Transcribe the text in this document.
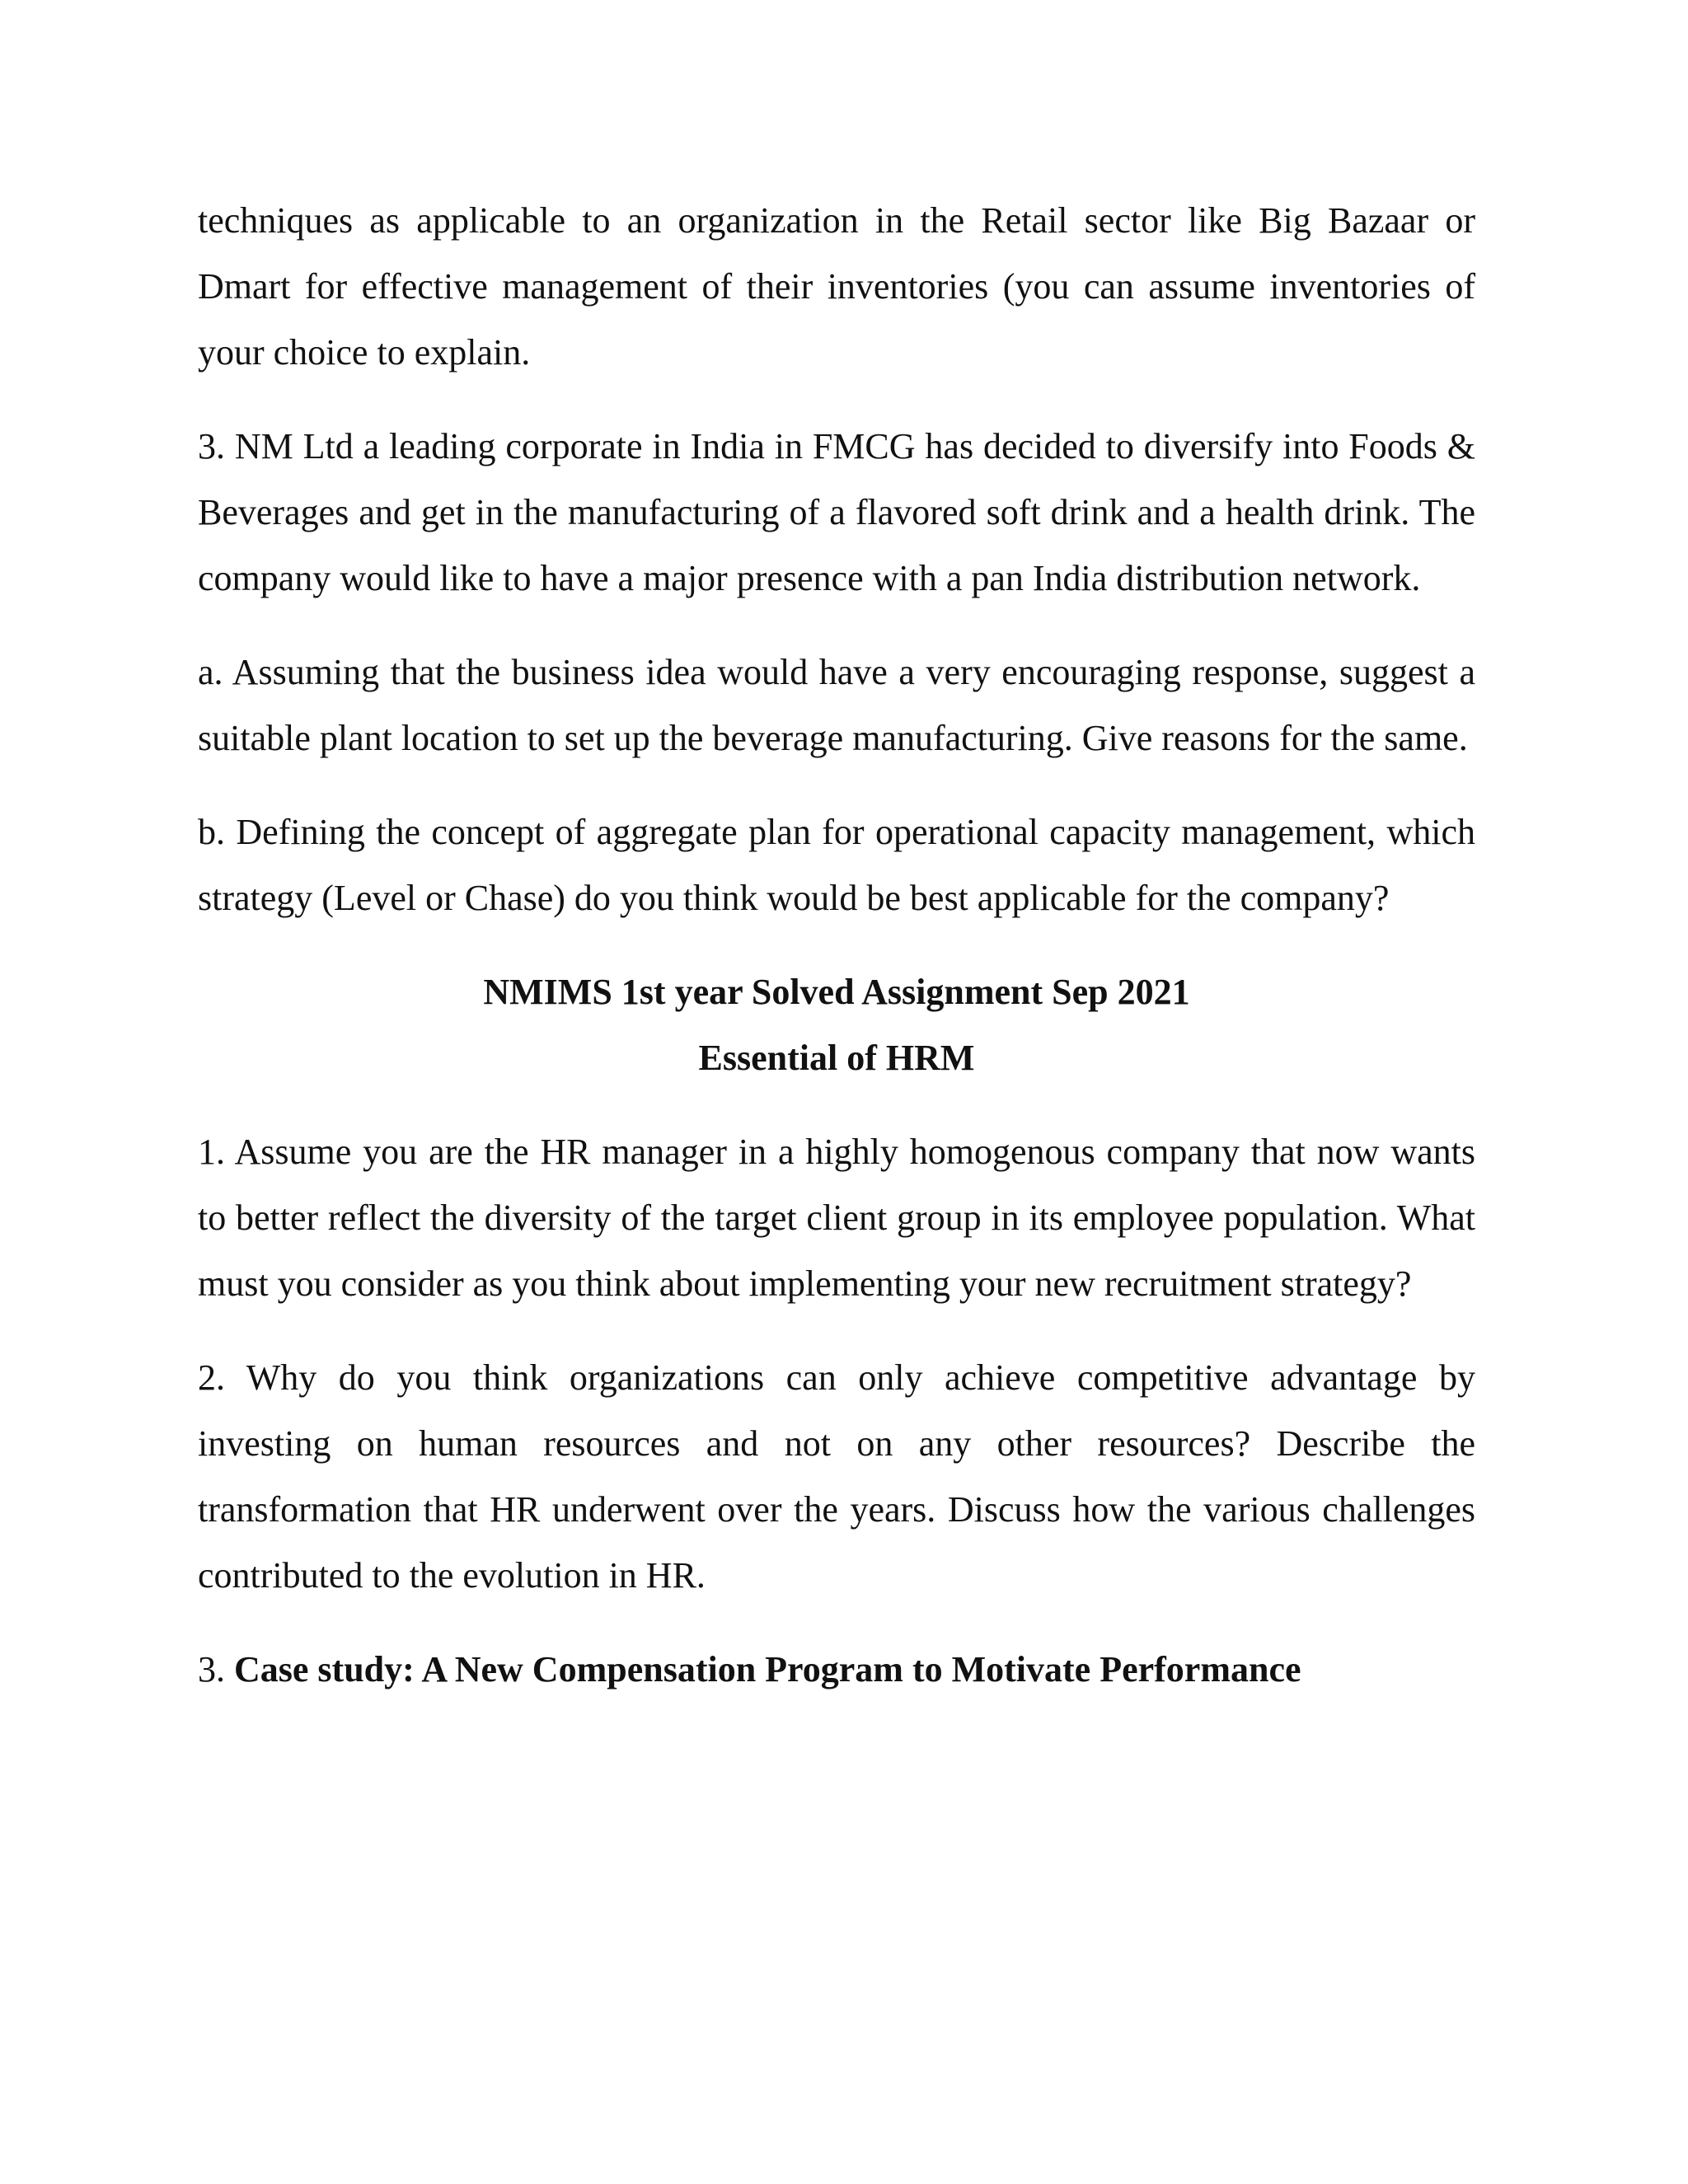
techniques as applicable to an organization in the Retail sector like Big Bazaar or Dmart for effective management of their inventories (you can assume inventories of your choice to explain.

3. NM Ltd a leading corporate in India in FMCG has decided to diversify into Foods & Beverages and get in the manufacturing of a flavored soft drink and a health drink. The company would like to have a major presence with a pan India distribution network.

a. Assuming that the business idea would have a very encouraging response, suggest a suitable plant location to set up the beverage manufacturing. Give reasons for the same.

b. Defining the concept of aggregate plan for operational capacity management, which strategy (Level or Chase) do you think would be best applicable for the company?

NMIMS 1st year Solved Assignment Sep 2021

Essential of HRM

1. Assume you are the HR manager in a highly homogenous company that now wants to better reflect the diversity of the target client group in its employee population. What must you consider as you think about implementing your new recruitment strategy?

2. Why do you think organizations can only achieve competitive advantage by investing on human resources and not on any other resources? Describe the transformation that HR underwent over the years. Discuss how the various challenges contributed to the evolution in HR.

3. Case study: A New Compensation Program to Motivate Performance
